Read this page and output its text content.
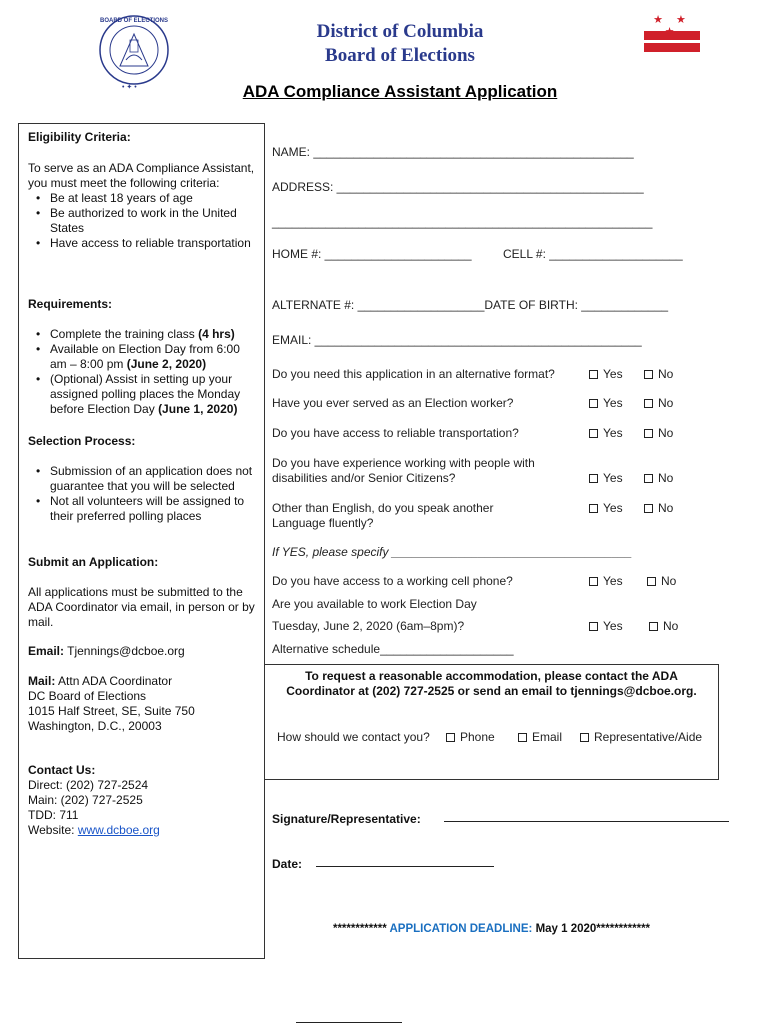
BOARD OF ELECTIONS
• ✦ •
District of Columbia
Board of Elections
★ ★ ★
ADA Compliance Assistant Application
Eligibility Criteria:
To serve as an ADA Compliance Assistant, you must meet the following criteria:
• Be at least 18 years of age
• Be authorized to work in the United States
• Have access to reliable transportation
Requirements:
• Complete the training class (4 hrs)
• Available on Election Day from 6:00 am – 8:00 pm (June 2, 2020)
• (Optional) Assist in setting up your assigned polling places the Monday before Election Day (June 1, 2020)
Selection Process:
• Submission of an application does not guarantee that you will be selected
• Not all volunteers will be assigned to their preferred polling places
Submit an Application:
All applications must be submitted to the ADA Coordinator via email, in person or by mail.
Email: Tjennings@dcboe.org
Mail: Attn ADA Coordinator
DC Board of Elections
1015 Half Street, SE, Suite 750
Washington, D.C., 20003
Contact Us:
Direct: (202) 727-2524
Main: (202) 727-2525
TDD: 711
Website: www.dcboe.org
NAME: ________________________________________________
ADDRESS: ______________________________________________
_________________________________________________________
HOME #: ______________________	CELL #: ____________________
ALTERNATE #: ___________________DATE OF BIRTH: _____________
EMAIL: _________________________________________________
Do you need this application in an alternative format?	Yes	No
Have you ever served as an Election worker?	Yes	No
Do you have access to reliable transportation?	Yes	No
Do you have experience working with people with disabilities and/or Senior Citizens?	Yes	No
Other than English, do you speak another Language fluently?
Yes	No
If YES, please specify ____________________________________
Do you have access to a working cell phone?	Yes	No
Are you available to work Election Day
Tuesday, June 2, 2020 (6am–8pm)?	Yes	No
Alternative schedule____________________
To request a reasonable accommodation, please contact the ADA Coordinator at (202) 727-2525 or send an email to tjennings@dcboe.org.
How should we contact you?	Phone	Email	Representative/Aide
Signature/Representative:
Date:
************ APPLICATION DEADLINE: May 1 2020************
